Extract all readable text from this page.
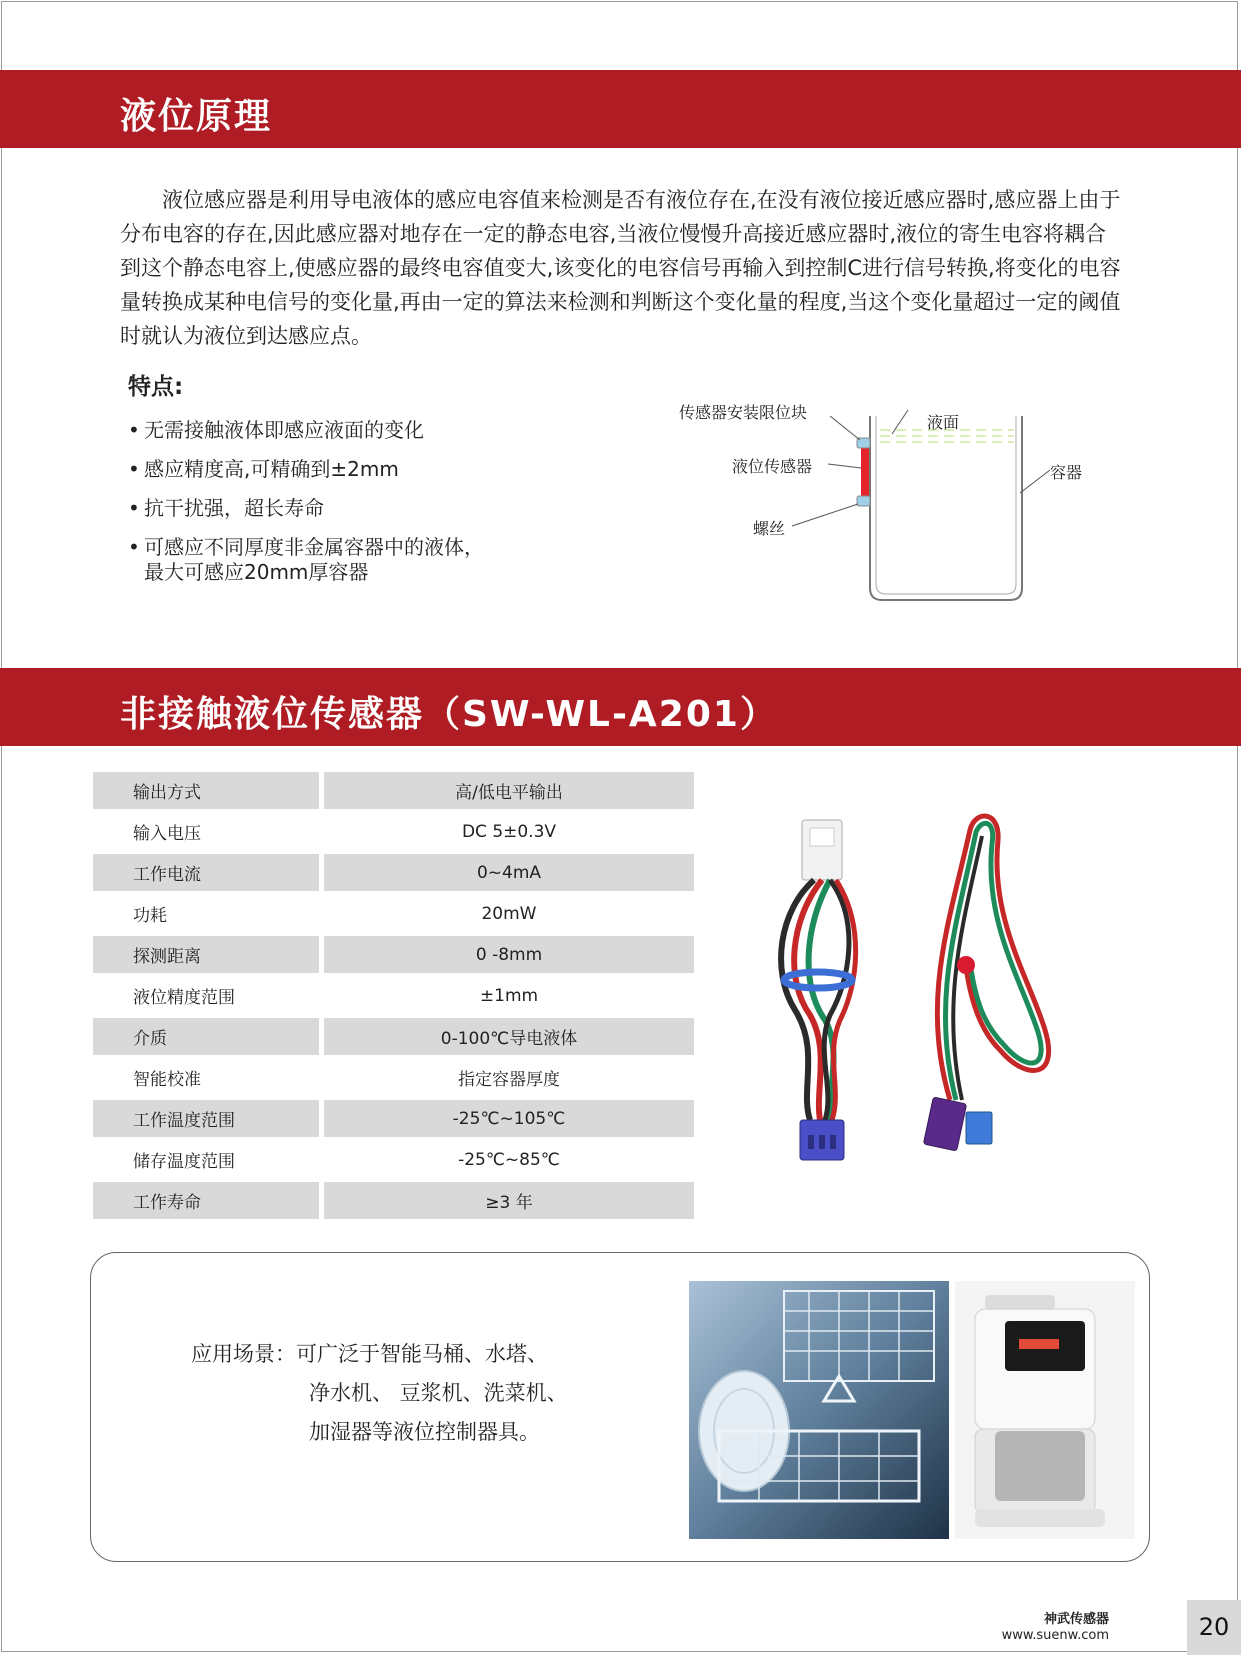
液位原理

液位感应器是利用导电液体的感应电容值来检测是否有液位存在,在没有液位接近感应器时,感应器上由于分布电容的存在,因此感应器对地存在一定的静态电容,当液位慢慢升高接近感应器时,液位的寄生电容将耦合到这个静态电容上,使感应器的最终电容值变大,该变化的电容信号再输入到控制C进行信号转换,将变化的电容量转换成某种电信号的变化量,再由一定的算法来检测和判断这个变化量的程度,当这个变化量超过一定的阈值时就认为液位到达感应点。

特点:
• 无需接触液体即感应液面的变化
• 感应精度高,可精确到±2mm
• 抗干扰强，超长寿命
• 可感应不同厚度非金属容器中的液体，
最大可感应20mm厚容器
传感器安装限位块
液面
液位传感器	容器
螺丝
非接触液位传感器（SW-WL-A201）
输出方式	高/低电平输出
输入电压	DC 5±0.3V
工作电流	0~4mA
功耗	20mW
探测距离	0 -8mm
液位精度范围	±1mm
介质	0-100℃导电液体
智能校准	指定容器厚度
工作温度范围	-25℃~105℃
储存温度范围	-25℃~85℃
工作寿命	≥3 年
应用场景：可广泛于智能马桶、水塔、
净水机、 豆浆机、洗菜机、
加湿器等液位控制器具。
神武传感器
www.suenw.com	20
